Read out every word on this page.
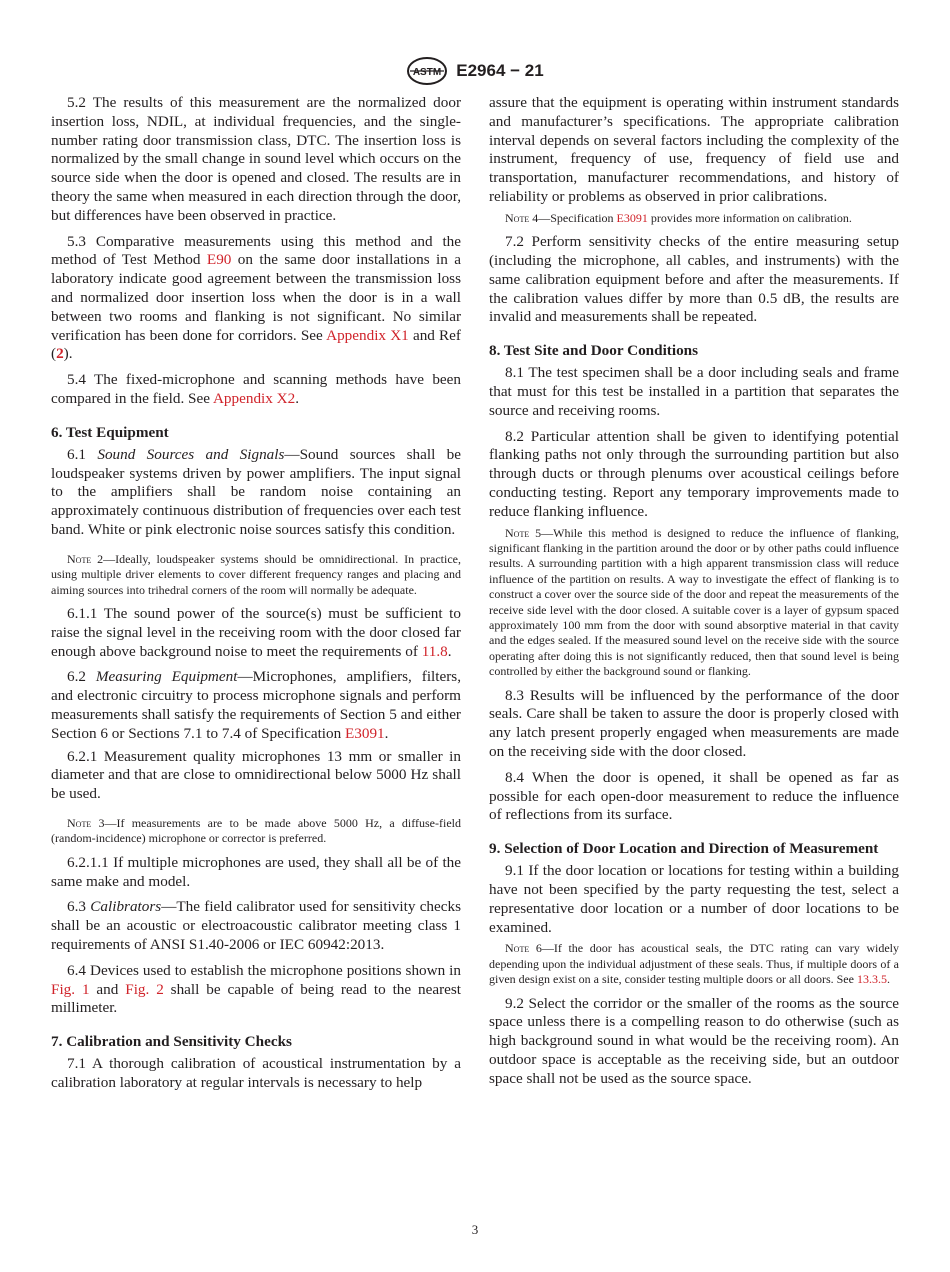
ASTM E2964 − 21

5.2 The results of this measurement are the normalized door insertion loss, NDIL, at individual frequencies, and the single-number rating door transmission class, DTC. The insertion loss is normalized by the small change in sound level which occurs on the source side when the door is opened and closed. The results are in theory the same when measured in each direction through the door, but differences have been observed in practice.

5.3 Comparative measurements using this method and the method of Test Method E90 on the same door installations in a laboratory indicate good agreement between the transmission loss and normalized door insertion loss when the door is in a wall between two rooms and flanking is not significant. No similar verification has been done for corridors. See Appendix X1 and Ref (2).

5.4 The fixed-microphone and scanning methods have been compared in the field. See Appendix X2.

6. Test Equipment

6.1 Sound Sources and Signals—Sound sources shall be loudspeaker systems driven by power amplifiers. The input signal to the amplifiers shall be random noise containing an approximately continuous distribution of frequencies over each test band. White or pink electronic noise sources satisfy this condition.

Note 2—Ideally, loudspeaker systems should be omnidirectional. In practice, using multiple driver elements to cover different frequency ranges and placing and aiming sources into trihedral corners of the room will normally be adequate.

6.1.1 The sound power of the source(s) must be sufficient to raise the signal level in the receiving room with the door closed far enough above background noise to meet the requirements of 11.8.

6.2 Measuring Equipment—Microphones, amplifiers, filters, and electronic circuitry to process microphone signals and perform measurements shall satisfy the requirements of Section 5 and either Section 6 or Sections 7.1 to 7.4 of Specification E3091.

6.2.1 Measurement quality microphones 13 mm or smaller in diameter and that are close to omnidirectional below 5000 Hz shall be used.

Note 3—If measurements are to be made above 5000 Hz, a diffuse-field (random-incidence) microphone or corrector is preferred.

6.2.1.1 If multiple microphones are used, they shall all be of the same make and model.

6.3 Calibrators—The field calibrator used for sensitivity checks shall be an acoustic or electroacoustic calibrator meeting class 1 requirements of ANSI S1.40-2006 or IEC 60942:2013.

6.4 Devices used to establish the microphone positions shown in Fig. 1 and Fig. 2 shall be capable of being read to the nearest millimeter.

7. Calibration and Sensitivity Checks

7.1 A thorough calibration of acoustical instrumentation by a calibration laboratory at regular intervals is necessary to help

assure that the equipment is operating within instrument standards and manufacturer’s specifications. The appropriate calibration interval depends on several factors including the complexity of the instrument, frequency of use, frequency of field use and transportation, manufacturer recommendations, and history of reliability or problems as observed in prior calibrations.

Note 4—Specification E3091 provides more information on calibration.

7.2 Perform sensitivity checks of the entire measuring setup (including the microphone, all cables, and instruments) with the same calibration equipment before and after the measurements. If the calibration values differ by more than 0.5 dB, the results are invalid and measurements shall be repeated.

8. Test Site and Door Conditions

8.1 The test specimen shall be a door including seals and frame that must for this test be installed in a partition that separates the source and receiving rooms.

8.2 Particular attention shall be given to identifying potential flanking paths not only through the surrounding partition but also through ducts or through plenums over acoustical ceilings before conducting testing. Report any temporary improvements made to reduce flanking influence.

Note 5—While this method is designed to reduce the influence of flanking, significant flanking in the partition around the door or by other paths could influence results. A surrounding partition with a high apparent transmission class will reduce influence of the partition on results. A way to investigate the effect of flanking is to construct a cover over the source side of the door and repeat the measurements of the receive side level with the door closed. A suitable cover is a layer of gypsum spaced approximately 100 mm from the door with sound absorptive material in that cavity and the edges sealed. If the measured sound level on the receive side with the source operating after doing this is not significantly reduced, then that sound level is being controlled by either the background sound or flanking.

8.3 Results will be influenced by the performance of the door seals. Care shall be taken to assure the door is properly closed with any latch present properly engaged when measurements are made on the receiving side with the door closed.

8.4 When the door is opened, it shall be opened as far as possible for each open-door measurement to reduce the influence of reflections from its surface.

9. Selection of Door Location and Direction of Measurement

9.1 If the door location or locations for testing within a building have not been specified by the party requesting the test, select a representative door location or a number of door locations to be examined.

Note 6—If the door has acoustical seals, the DTC rating can vary widely depending upon the individual adjustment of these seals. Thus, if multiple doors of a given design exist on a site, consider testing multiple doors or all doors. See 13.3.5.

9.2 Select the corridor or the smaller of the rooms as the source space unless there is a compelling reason to do otherwise (such as high background sound in what would be the receiving room). An outdoor space is acceptable as the receiving side, but an outdoor space shall not be used as the source space.

3
